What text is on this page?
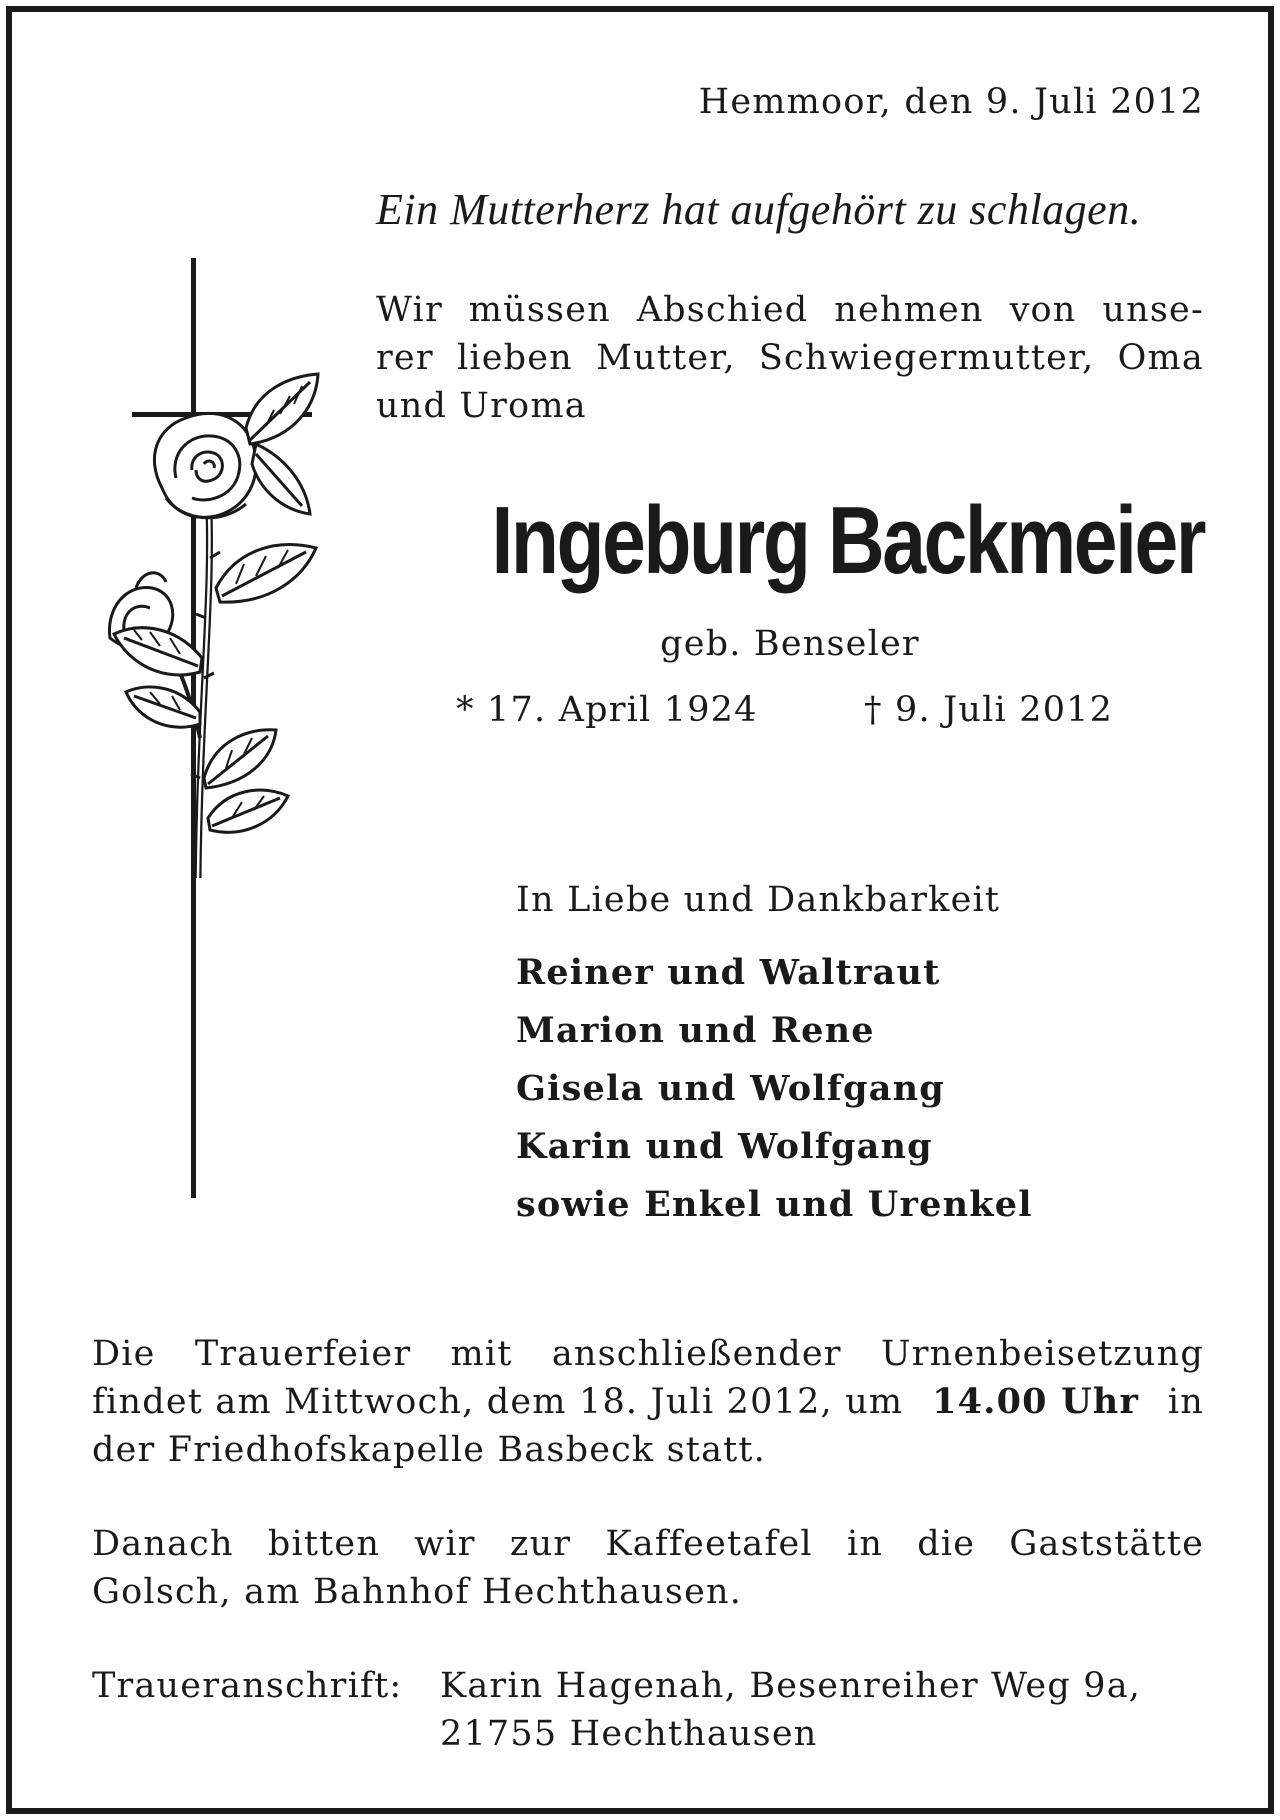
Hemmoor, den 9. Juli 2012
Ein Mutterherz hat aufgehört zu schlagen.
Wir müssen Abschied nehmen von unse-
rer lieben Mutter, Schwiegermutter, Oma
und Uroma
Ingeburg Backmeier
geb. Benseler
* 17. April 1924	† 9. Juli 2012
In Liebe und Dankbarkeit
Reiner und Waltraut
Marion und Rene
Gisela und Wolfgang
Karin und Wolfgang
sowie Enkel und Urenkel
Die Trauerfeier mit anschließender Urnenbeisetzung
findet am Mittwoch, dem 18. Juli 2012, um 14.00 Uhr in
der Friedhofskapelle Basbeck statt.
Danach bitten wir zur Kaffeetafel in die Gaststätte
Golsch, am Bahnhof Hechthausen.
Traueranschrift: Karin Hagenah, Besenreiher Weg 9a,
21755 Hechthausen
